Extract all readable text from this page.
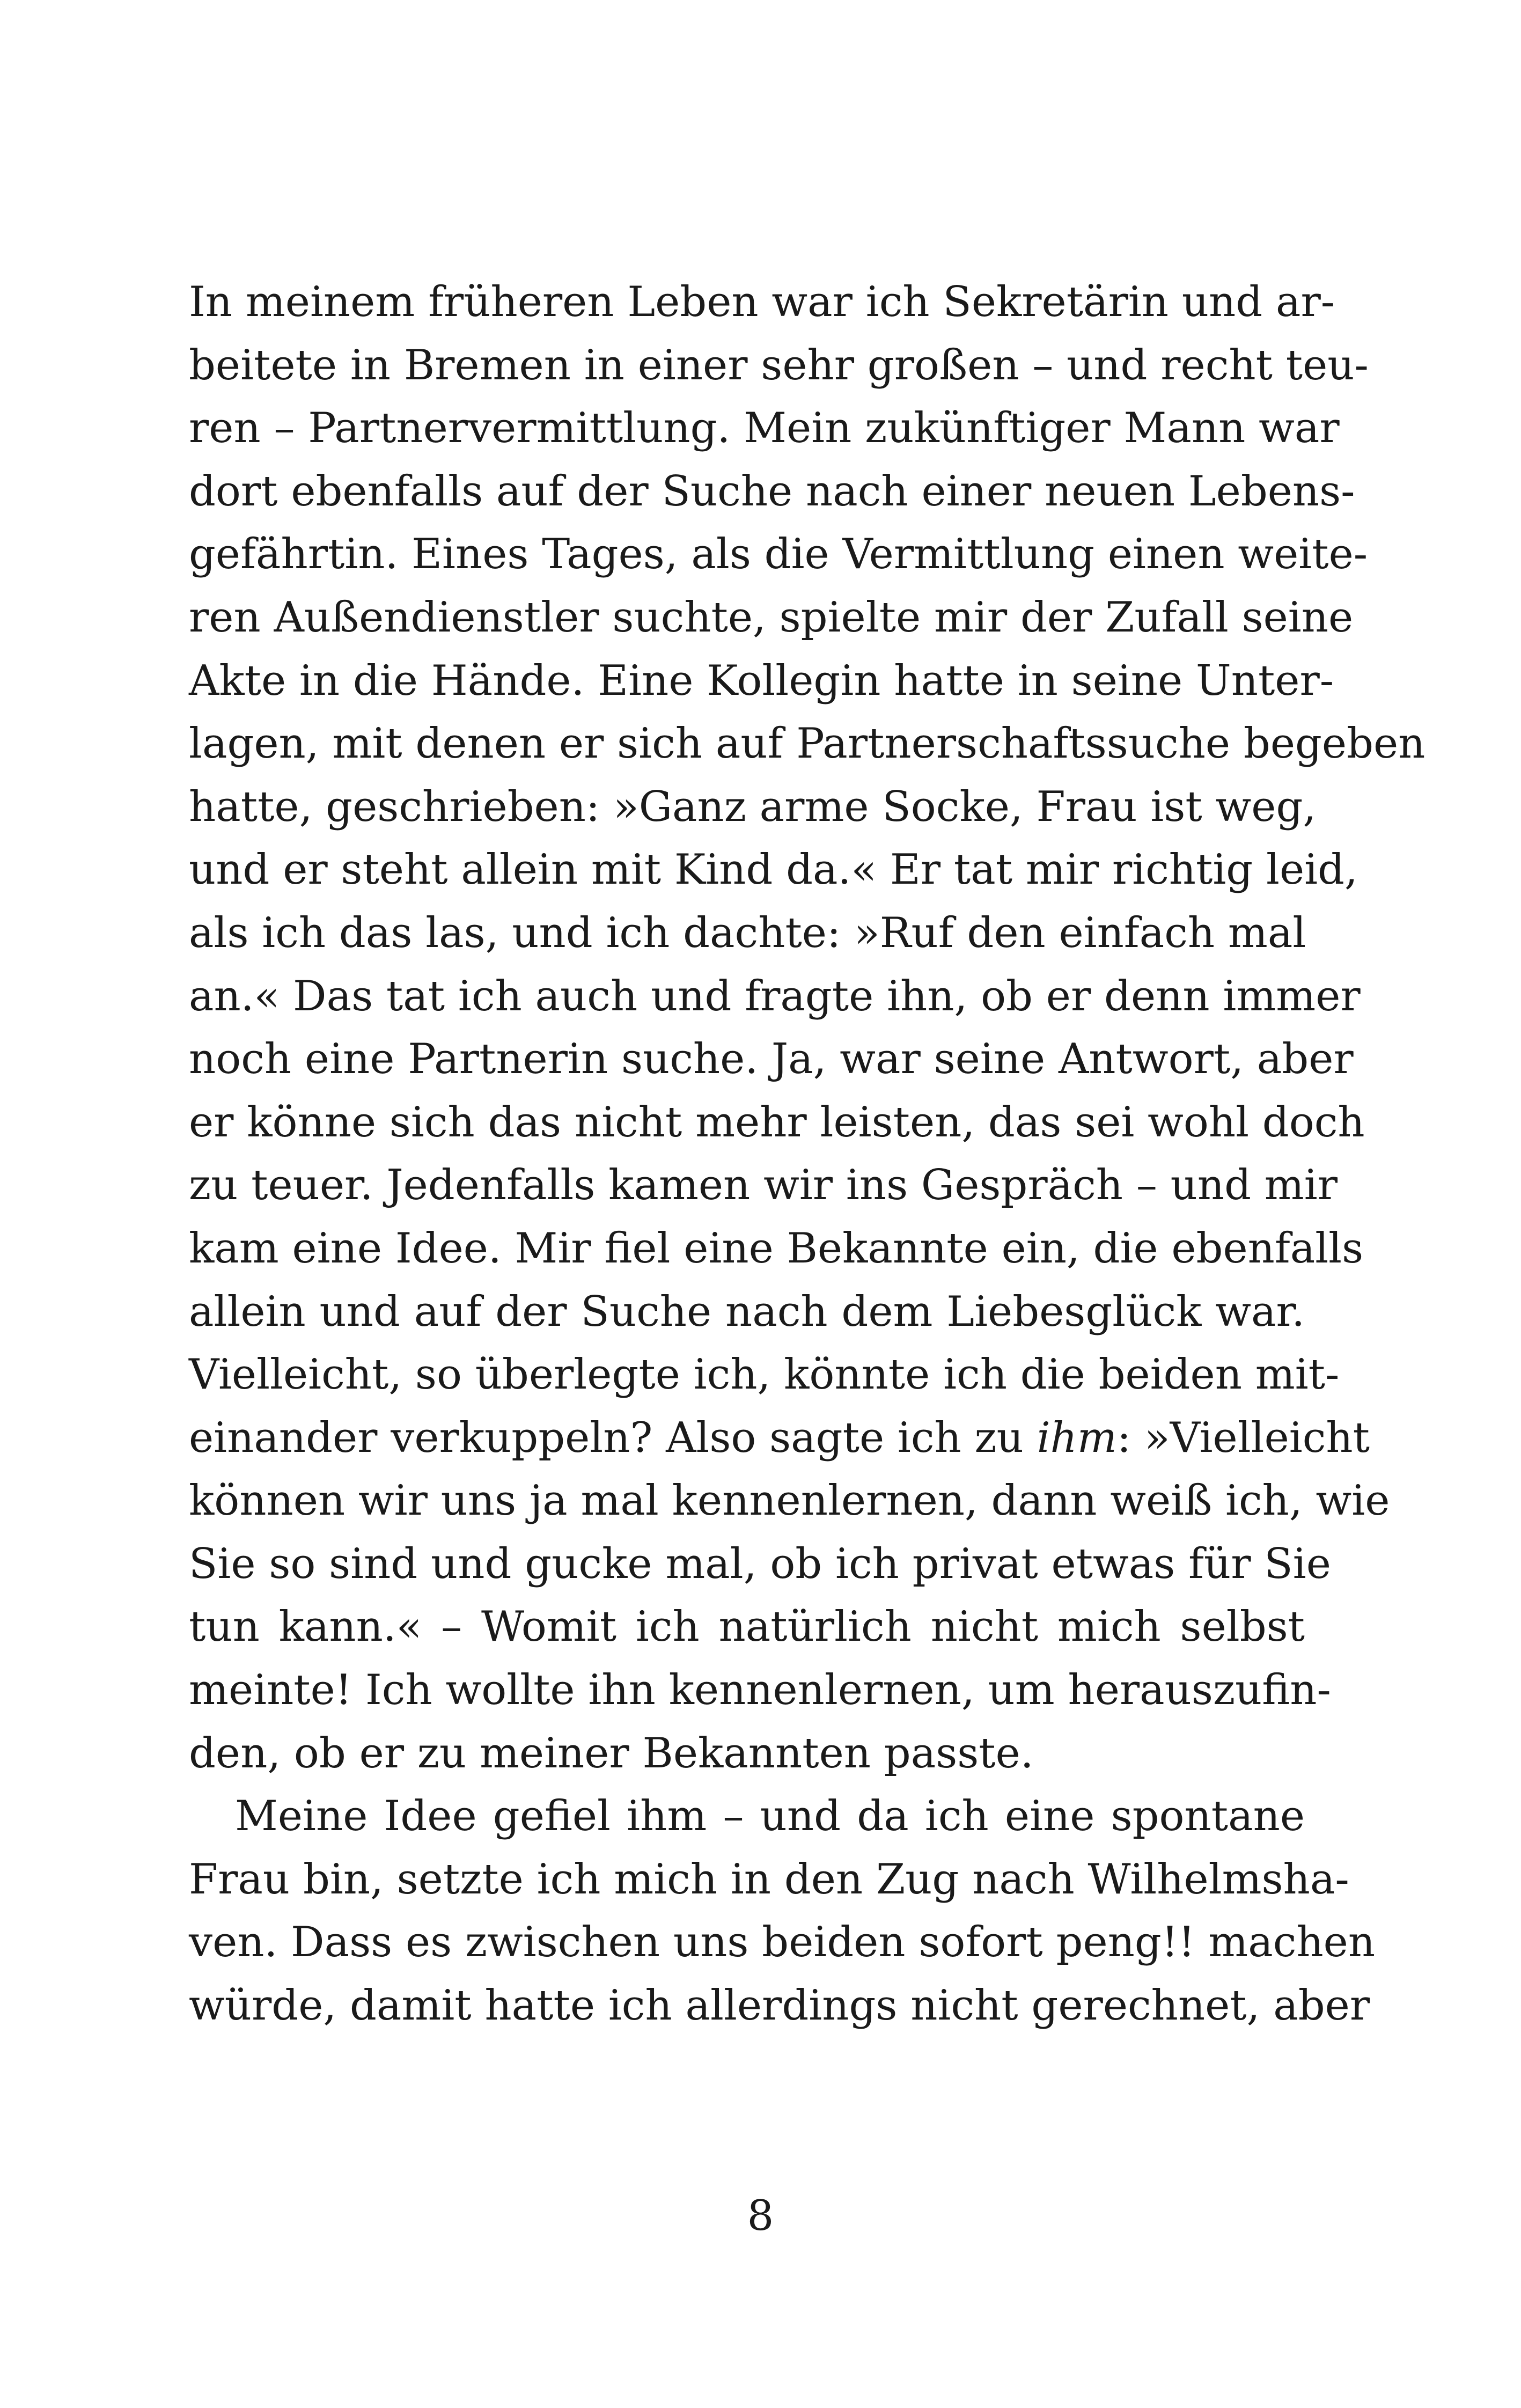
In meinem früheren Leben war ich Sekretärin und ar-
beitete in Bremen in einer sehr großen – und recht teu-
ren – Partnervermittlung. Mein zukünftiger Mann war
dort ebenfalls auf der Suche nach einer neuen Lebens-
gefährtin. Eines Tages, als die Vermittlung einen weite-
ren Außendienstler suchte, spielte mir der Zufall seine
Akte in die Hände. Eine Kollegin hatte in seine Unter-
lagen, mit denen er sich auf Partnerschaftssuche begeben
hatte, geschrieben: »Ganz arme Socke, Frau ist weg,
und er steht allein mit Kind da.« Er tat mir richtig leid,
als ich das las, und ich dachte: »Ruf den einfach mal
an.« Das tat ich auch und fragte ihn, ob er denn immer
noch eine Partnerin suche. Ja, war seine Antwort, aber
er könne sich das nicht mehr leisten, das sei wohl doch
zu teuer. Jedenfalls kamen wir ins Gespräch – und mir
kam eine Idee. Mir fiel eine Bekannte ein, die ebenfalls
allein und auf der Suche nach dem Liebesglück war.
Vielleicht, so überlegte ich, könnte ich die beiden mit-
einander verkuppeln? Also sagte ich zu ihm: »Vielleicht
können wir uns ja mal kennenlernen, dann weiß ich, wie
Sie so sind und gucke mal, ob ich privat etwas für Sie
tun kann.« – Womit ich natürlich nicht mich selbst
meinte! Ich wollte ihn kennenlernen, um herauszufin-
den, ob er zu meiner Bekannten passte.
Meine Idee gefiel ihm – und da ich eine spontane
Frau bin, setzte ich mich in den Zug nach Wilhelmsha-
ven. Dass es zwischen uns beiden sofort peng!! machen
würde, damit hatte ich allerdings nicht gerechnet, aber
8
